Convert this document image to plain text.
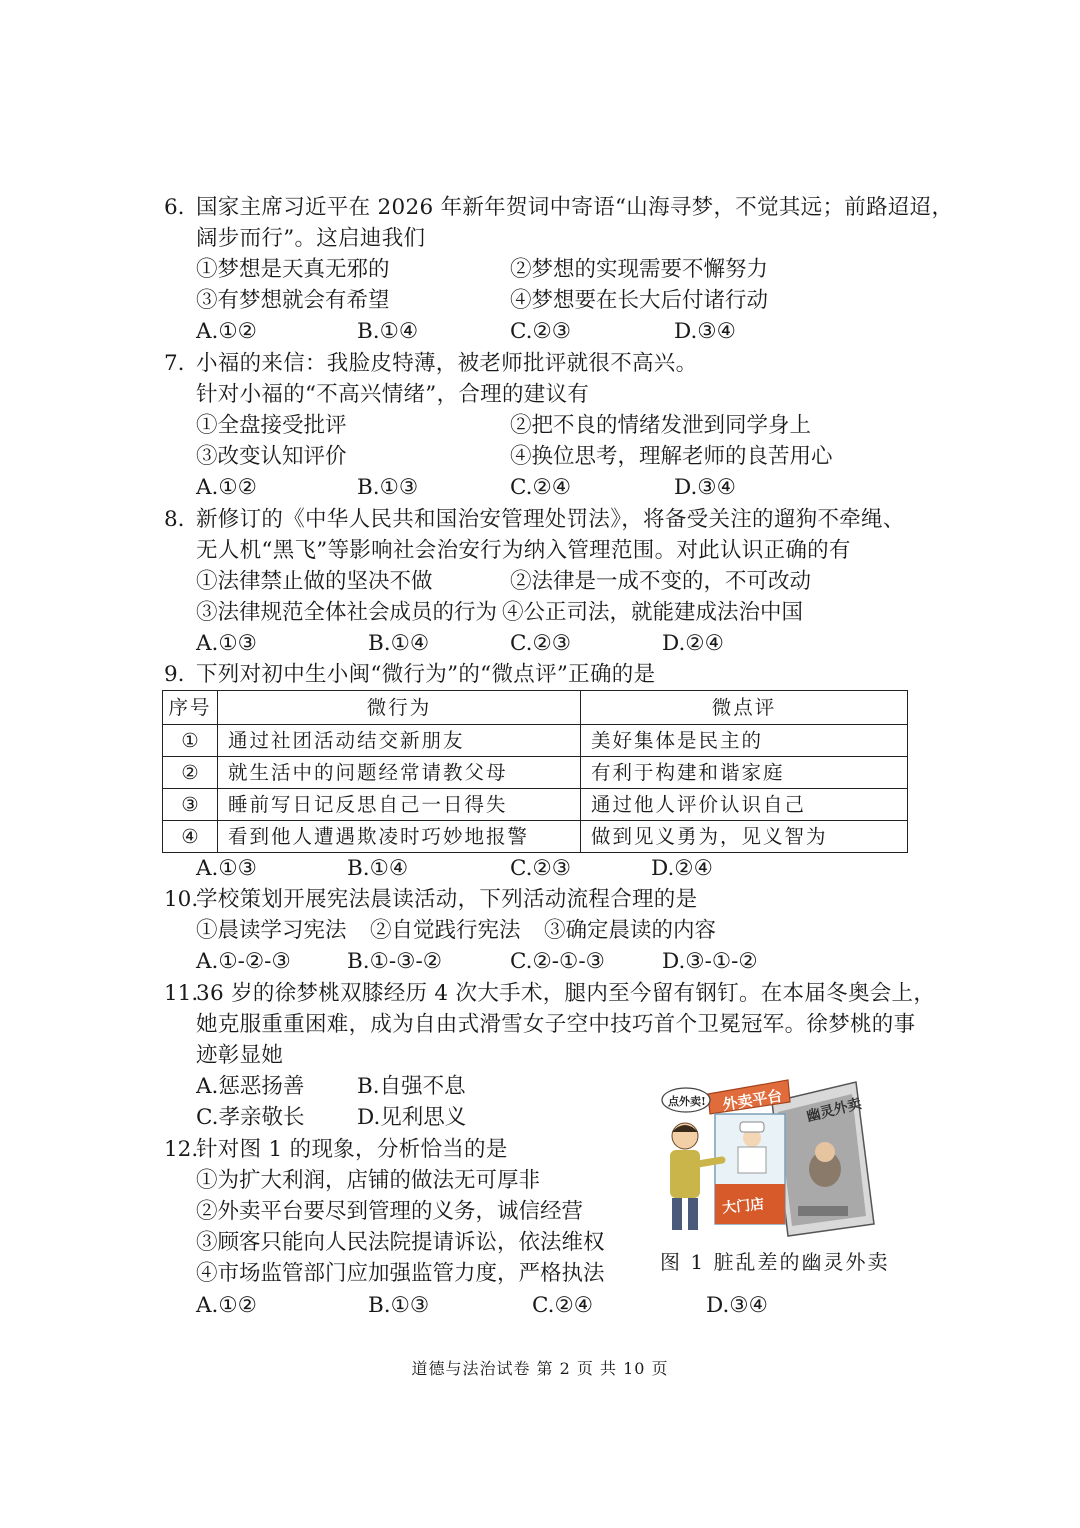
6. 国家主席习近平在 2026 年新年贺词中寄语“山海寻梦，不觉其远；前路迢迢，
阔步而行”。这启迪我们
①梦想是天真无邪的	②梦想的实现需要不懈努力
③有梦想就会有希望	④梦想要在长大后付诸行动
A.①②	B.①④	C.②③	D.③④
7. 小福的来信：我脸皮特薄，被老师批评就很不高兴。
针对小福的“不高兴情绪”，合理的建议有
①全盘接受批评	②把不良的情绪发泄到同学身上
③改变认知评价	④换位思考，理解老师的良苦用心
A.①②	B.①③	C.②④	D.③④
8. 新修订的《中华人民共和国治安管理处罚法》，将备受关注的遛狗不牵绳、
无人机“黑飞”等影响社会治安行为纳入管理范围。对此认识正确的有
①法律禁止做的坚决不做	②法律是一成不变的，不可改动
③法律规范全体社会成员的行为 ④公正司法，就能建成法治中国
A.①③	B.①④	C.②③	D.②④
9. 下列对初中生小闽“微行为”的“微点评”正确的是
序号	微行为	微点评
①	通过社团活动结交新朋友	美好集体是民主的
②	就生活中的问题经常请教父母	有利于构建和谐家庭
③	睡前写日记反思自己一日得失	通过他人评价认识自己
④	看到他人遭遇欺凌时巧妙地报警	做到见义勇为，见义智为
A.①③	B.①④	C.②③	D.②④
10.
学校策划开展宪法晨读活动，下列活动流程合理的是
①晨读学习宪法 ②自觉践行宪法 ③确定晨读的内容
A.①-②-③	B.①-③-②	C.②-①-③	D.③-①-②
11.
36 岁的徐梦桃双膝经历 4 次大手术，腿内至今留有钢钉。在本届冬奥会上，
她克服重重困难，成为自由式滑雪女子空中技巧首个卫冕冠军。徐梦桃的事
迹彰显她
A.惩恶扬善 B.自强不息
C.孝亲敬长 D.见利思义
12.
针对图 1 的现象，分析恰当的是
①为扩大利润，店铺的做法无可厚非
②外卖平台要尽到管理的义务，诚信经营
③顾客只能向人民法院提请诉讼，依法维权
④市场监管部门应加强监管力度，严格执法
A.①②	B.①③	C.②④	D.③④
幽灵外卖
外卖平台
大门店
点外卖!
图 1 脏乱差的幽灵外卖
道德与法治试卷 第 2 页 共 10 页
